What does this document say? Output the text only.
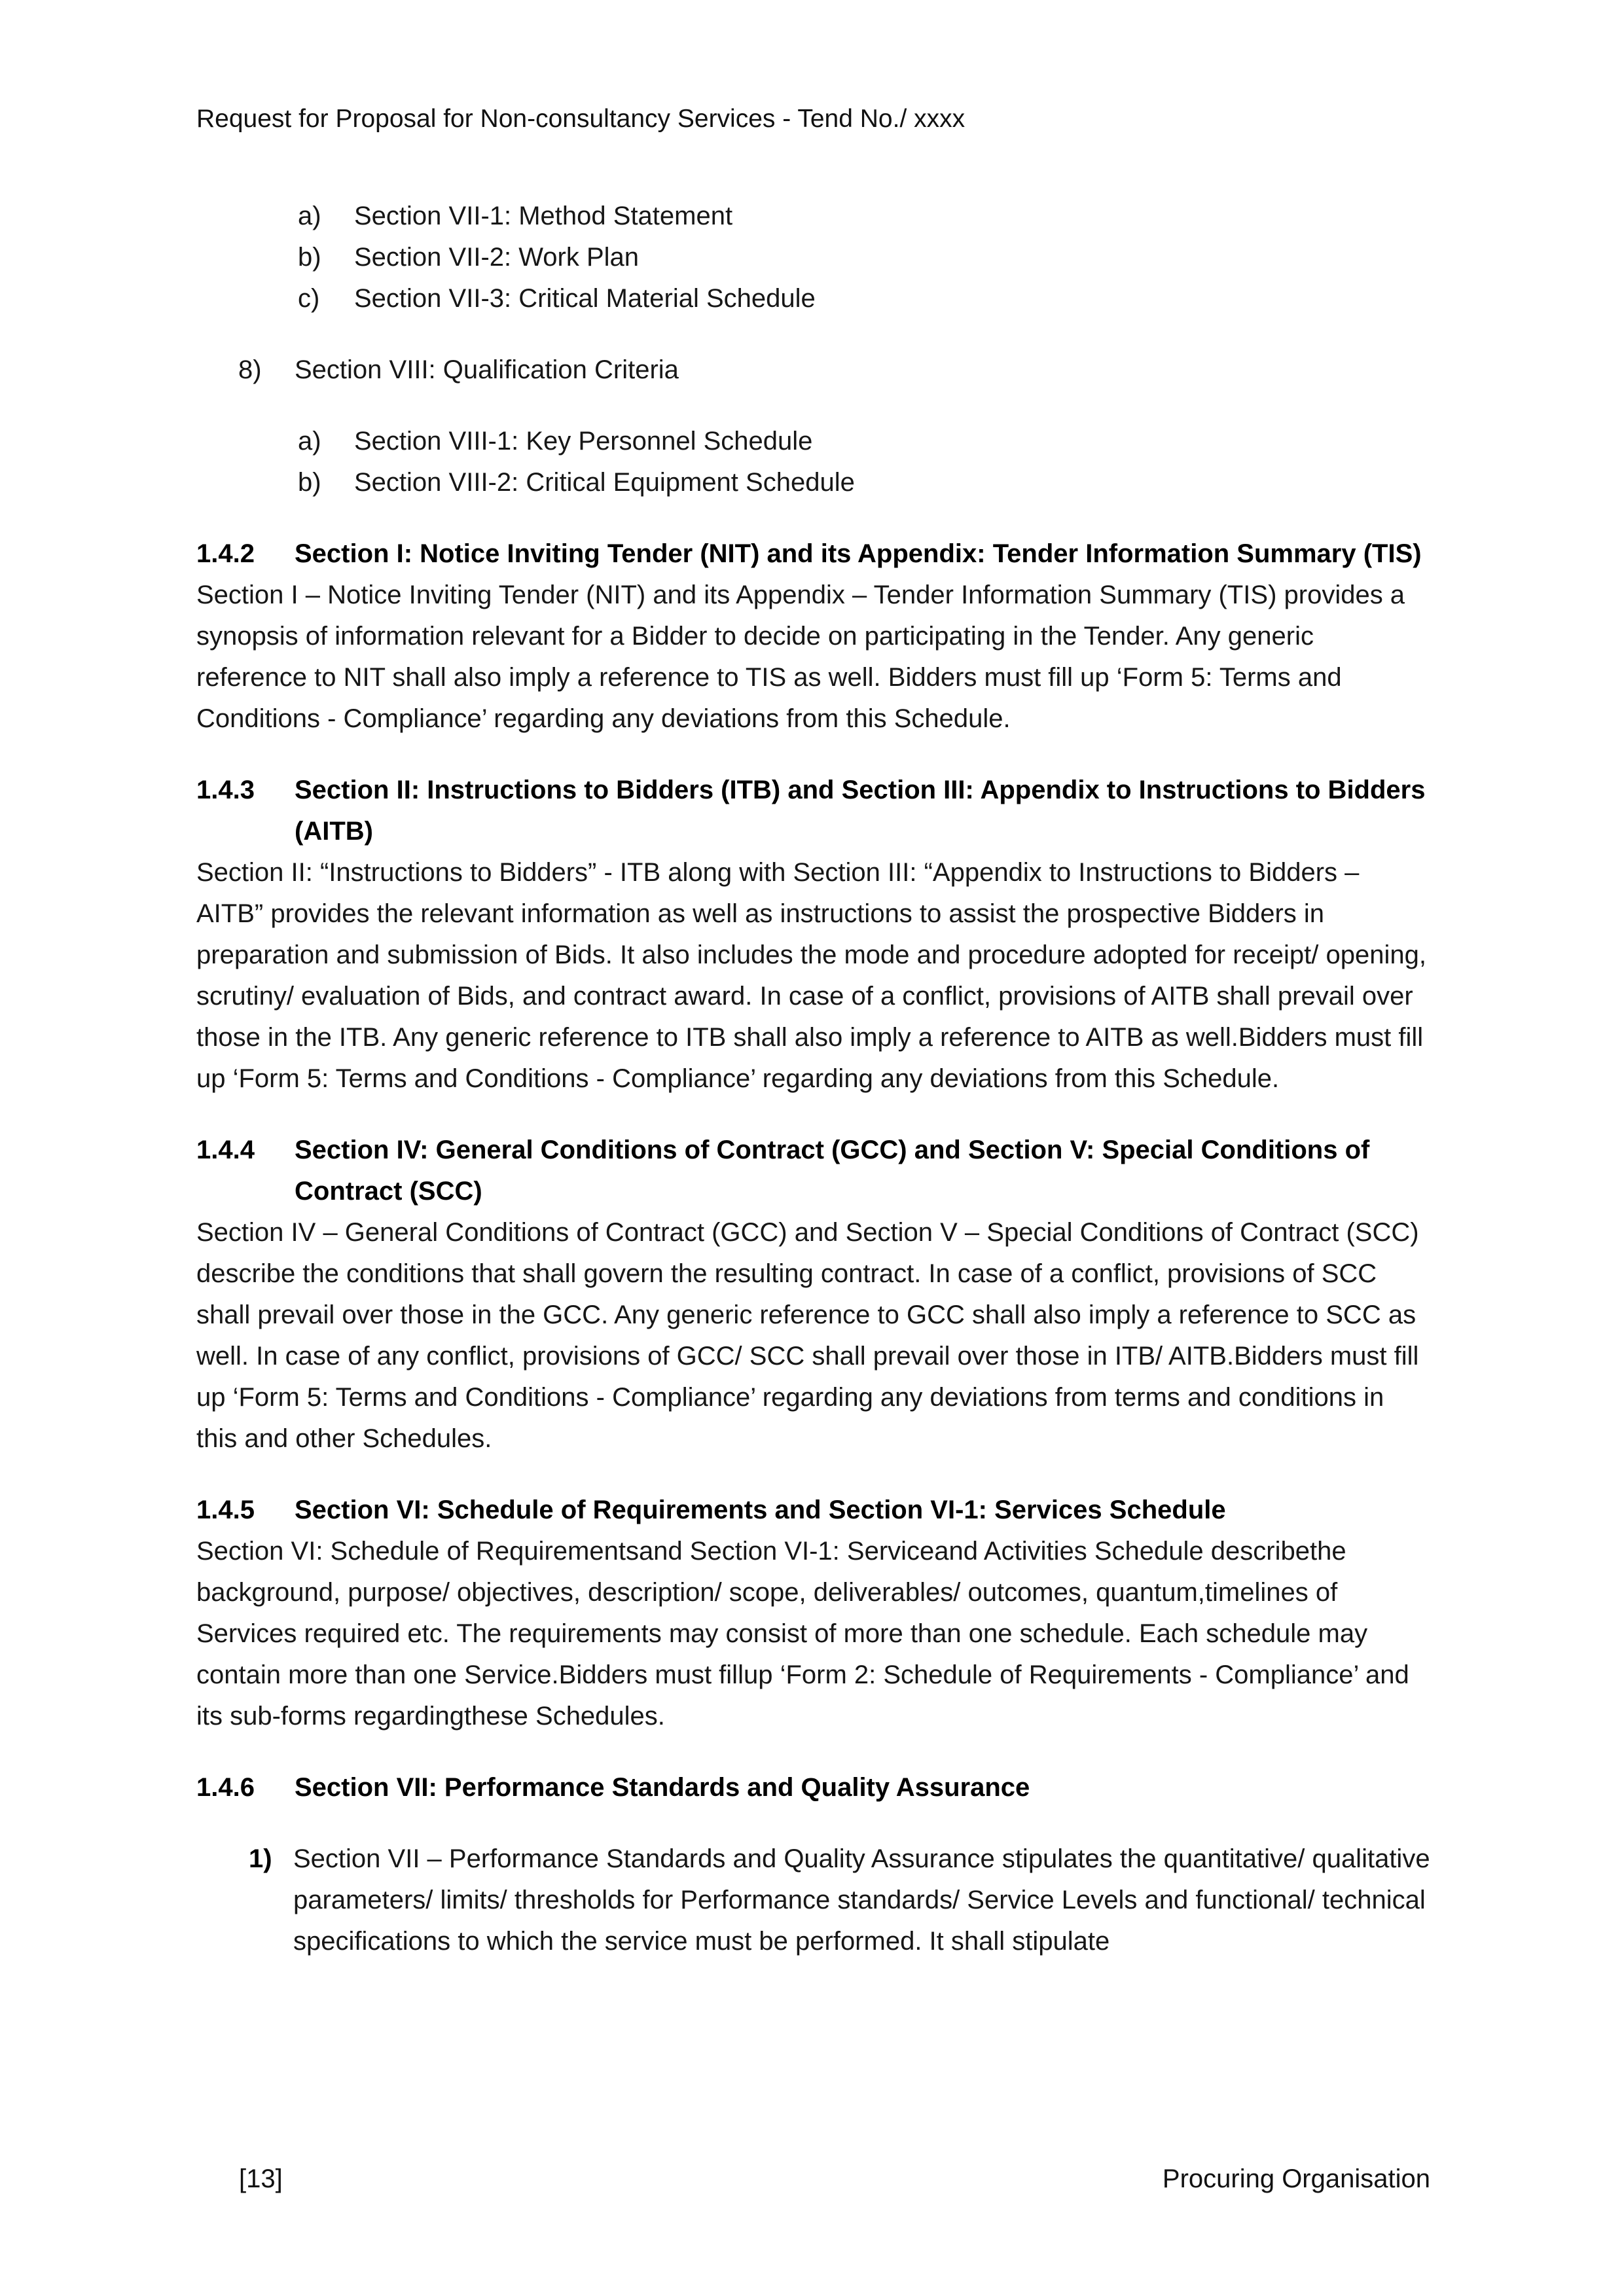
Request for Proposal for Non-consultancy Services - Tend No./ xxxx
a)	Section VII-1: Method Statement
b)	Section VII-2: Work Plan
c)	Section VII-3: Critical Material Schedule
8)	Section VIII: Qualification Criteria
a)	Section VIII-1: Key Personnel Schedule
b)	Section VIII-2: Critical Equipment Schedule
1.4.2	Section I: Notice Inviting Tender (NIT) and its Appendix: Tender Information Summary (TIS)

Section I – Notice Inviting Tender (NIT) and its Appendix – Tender Information Summary (TIS) provides a synopsis of information relevant for a Bidder to decide on participating in the Tender. Any generic reference to NIT shall also imply a reference to TIS as well. Bidders must fill up ‘Form 5: Terms and Conditions - Compliance’ regarding any deviations from this Schedule.

1.4.3	Section II: Instructions to Bidders (ITB) and Section III: Appendix to Instructions to Bidders (AITB)

Section II: “Instructions to Bidders” - ITB along with Section III: “Appendix to Instructions to Bidders – AITB” provides the relevant information as well as instructions to assist the prospective Bidders in preparation and submission of Bids. It also includes the mode and procedure adopted for receipt/ opening, scrutiny/ evaluation of Bids, and contract award. In case of a conflict, provisions of AITB shall prevail over those in the ITB. Any generic reference to ITB shall also imply a reference to AITB as well.Bidders must fill up ‘Form 5: Terms and Conditions - Compliance’ regarding any deviations from this Schedule.

1.4.4	Section IV: General Conditions of Contract (GCC) and Section V: Special Conditions of Contract (SCC)

Section IV – General Conditions of Contract (GCC) and Section V – Special Conditions of Contract (SCC) describe the conditions that shall govern the resulting contract. In case of a conflict, provisions of SCC shall prevail over those in the GCC. Any generic reference to GCC shall also imply a reference to SCC as well. In case of any conflict, provisions of GCC/ SCC shall prevail over those in ITB/ AITB.Bidders must fill up ‘Form 5: Terms and Conditions - Compliance’ regarding any deviations from terms and conditions in this and other Schedules.

1.4.5	Section VI: Schedule of Requirements and Section VI-1: Services Schedule

Section VI: Schedule of Requirementsand Section VI-1: Serviceand Activities Schedule describethe background, purpose/ objectives, description/ scope, deliverables/ outcomes, quantum,timelines of Services required etc. The requirements may consist of more than one schedule. Each schedule may contain more than one Service.Bidders must fillup ‘Form 2: Schedule of Requirements - Compliance’ and its sub-forms regardingthese Schedules.

1.4.6	Section VII: Performance Standards and Quality Assurance
1) Section VII – Performance Standards and Quality Assurance stipulates the quantitative/ qualitative parameters/ limits/ thresholds for Performance standards/ Service Levels and functional/ technical specifications to which the service must be performed. It shall stipulate
[13]	Procuring Organisation
